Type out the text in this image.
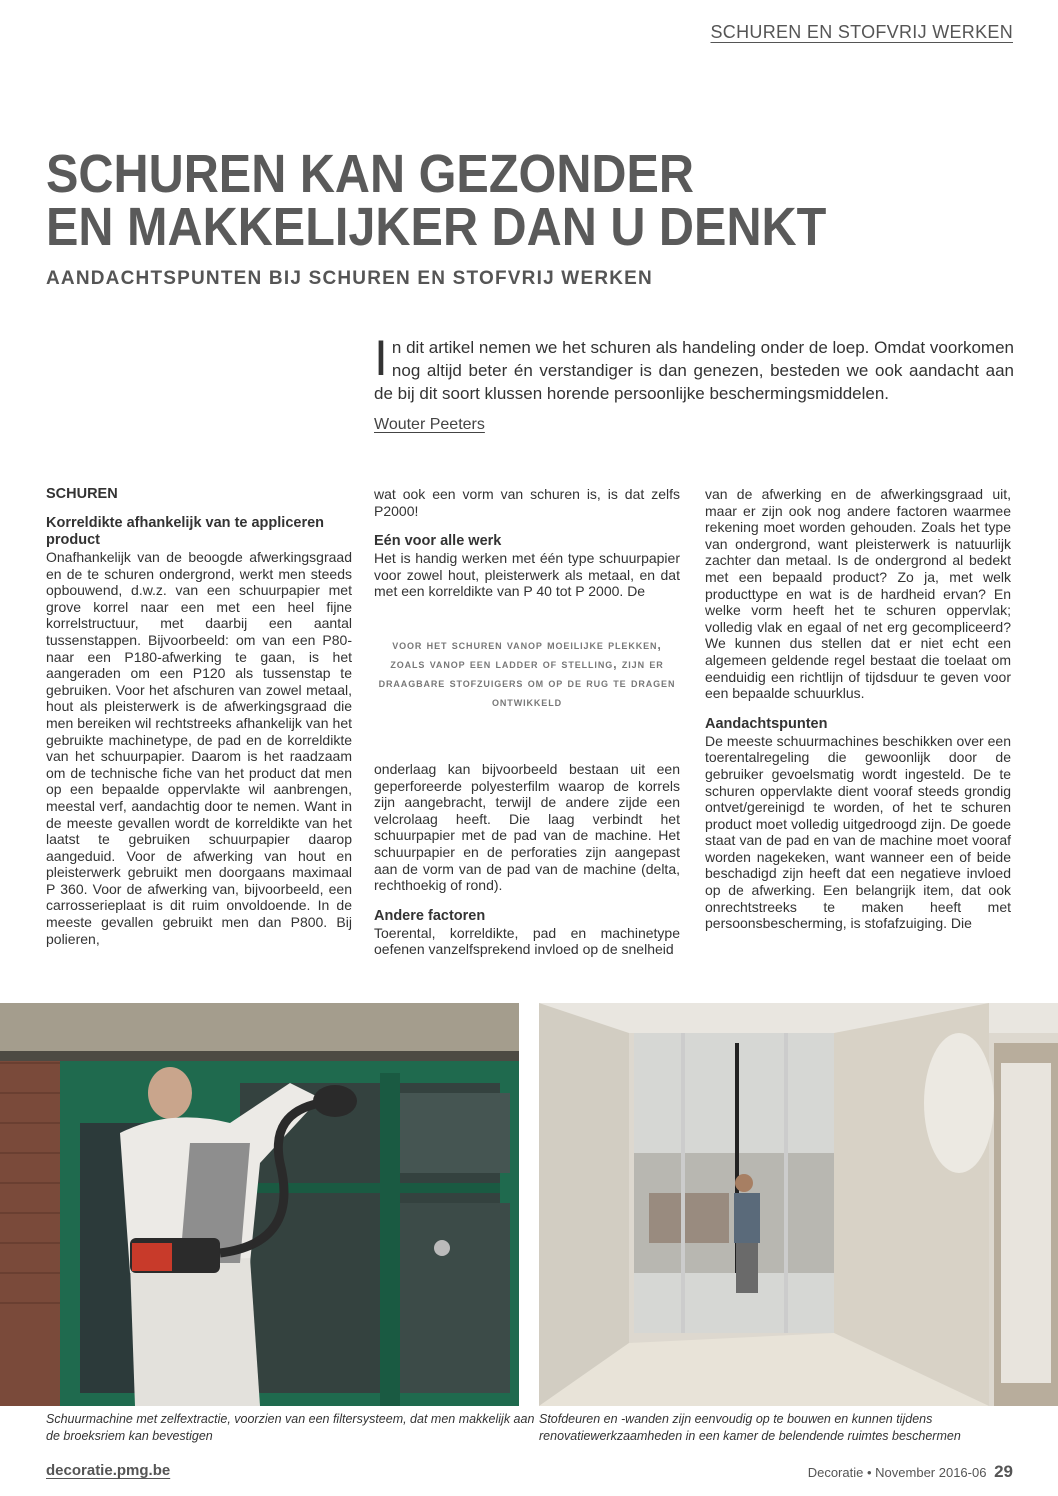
SCHUREN EN STOFVRIJ WERKEN
SCHUREN KAN GEZONDER
EN MAKKELIJKER DAN U DENKT
AANDACHTSPUNTEN BIJ SCHUREN EN STOFVRIJ WERKEN
I n dit artikel nemen we het schuren als handeling onder de loep. Omdat voorkomen nog altijd beter én verstandiger is dan genezen, besteden we ook aandacht aan de bij dit soort klussen horende persoonlijke beschermingsmiddelen.
Wouter Peeters
SCHUREN
Korreldikte afhankelijk van te appliceren product

Onafhankelijk van de beoogde afwerkingsgraad en de te schuren ondergrond, werkt men steeds opbouwend, d.w.z. van een schuurpapier met grove korrel naar een met een heel fijne korrelstructuur, met daarbij een aantal tussenstappen. Bijvoorbeeld: om van een P80- naar een P180-afwerking te gaan, is het aangeraden om een P120 als tussenstap te gebruiken. Voor het afschuren van zowel metaal, hout als pleisterwerk is de afwerkingsgraad die men bereiken wil rechtstreeks afhankelijk van het gebruikte machinetype, de pad en de korreldikte van het schuurpapier. Daarom is het raadzaam om de technische fiche van het product dat men op een bepaalde oppervlakte wil aanbrengen, meestal verf, aandachtig door te nemen. Want in de meeste gevallen wordt de korreldikte van het laatst te gebruiken schuurpapier daarop aangeduid. Voor de afwerking van hout en pleisterwerk gebruikt men doorgaans maximaal P 360. Voor de afwerking van, bijvoorbeeld, een carrosserieplaat is dit ruim onvoldoende. In de meeste gevallen gebruikt men dan P800. Bij polieren,

wat ook een vorm van schuren is, is dat zelfs P2000!

Eén voor alle werk

Het is handig werken met één type schuurpapier voor zowel hout, pleisterwerk als metaal, en dat met een korreldikte van P 40 tot P 2000. De

voor het schuren vanop moeilijke plekken, zoals vanop een ladder of stelling, zijn er draagbare stofzuigers om op de rug te dragen ontwikkeld

onderlaag kan bijvoorbeeld bestaan uit een geperforeerde polyesterfilm waarop de korrels zijn aangebracht, terwijl de andere zijde een velcrolaag heeft. Die laag verbindt het schuurpapier met de pad van de machine. Het schuurpapier en de perforaties zijn aangepast aan de vorm van de pad van de machine (delta, rechthoekig of rond).

Andere factoren

Toerental, korreldikte, pad en machinetype oefenen vanzelfsprekend invloed op de snelheid

van de afwerking en de afwerkingsgraad uit, maar er zijn ook nog andere factoren waarmee rekening moet worden gehouden. Zoals het type van ondergrond, want pleisterwerk is natuurlijk zachter dan metaal. Is de ondergrond al bedekt met een bepaald product? Zo ja, met welk producttype en wat is de hardheid ervan? En welke vorm heeft het te schuren oppervlak; volledig vlak en egaal of net erg gecompliceerd? We kunnen dus stellen dat er niet echt een algemeen geldende regel bestaat die toelaat om eenduidig een richtlijn of tijdsduur te geven voor een bepaalde schuurklus.

Aandachtspunten

De meeste schuurmachines beschikken over een toerentalregeling die gewoonlijk door de gebruiker gevoelsmatig wordt ingesteld. De te schuren oppervlakte dient vooraf steeds grondig ontvet/gereinigd te worden, of het te schuren product moet volledig uitgedroogd zijn. De goede staat van de pad en van de machine moet vooraf worden nagekeken, want wanneer een of beide beschadigd zijn heeft dat een negatieve invloed op de afwerking. Een belangrijk item, dat ook onrechtstreeks te maken heeft met persoonsbescherming, is stofafzuiging. Die

Schuurmachine met zelfextractie, voorzien van een filtersysteem, dat men makkelijk aan de broeksriem kan bevestigen
Stofdeuren en -wanden zijn eenvoudig op te bouwen en kunnen tijdens renovatiewerkzaamheden in een kamer de belendende ruimtes beschermen
decoratie.pmg.be	Decoratie • November 2016-06 29
